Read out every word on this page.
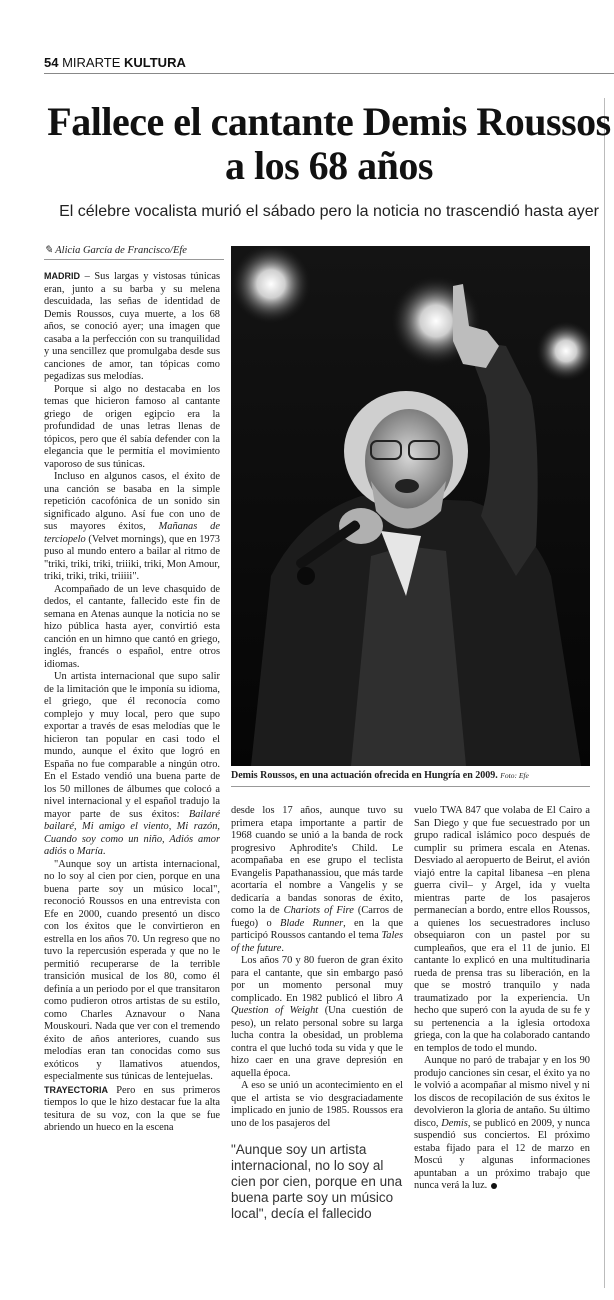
54 MIRARTE KULTURA
Fallece el cantante Demis Roussos a los 68 años
El célebre vocalista murió el sábado pero la noticia no trascendió hasta ayer
✎ Alicia García de Francisco/Efe

MADRID – Sus largas y vistosas túnicas eran, junto a su barba y su melena descuidada, las señas de identidad de Demis Roussos, cuya muerte, a los 68 años, se conoció ayer; una imagen que casaba a la perfección con su tranquilidad y una sencillez que promulgaba desde sus canciones de amor, tan tópicas como pegadizas sus melodías.

Porque si algo no destacaba en los temas que hicieron famoso al cantante griego de origen egipcio era la profundidad de unas letras llenas de tópicos, pero que él sabía defender con la elegancia que le permitía el movimiento vaporoso de sus túnicas.

Incluso en algunos casos, el éxito de una canción se basaba en la simple repetición cacofónica de un sonido sin significado alguno. Así fue con uno de sus mayores éxitos, Mañanas de terciopelo (Velvet mornings), que en 1973 puso al mundo entero a bailar al ritmo de "triki, triki, triki, triiiki, triki, Mon Amour, triki, triki, triki, triiiii".

Acompañado de un leve chasquido de dedos, el cantante, fallecido este fin de semana en Atenas aunque la noticia no se hizo pública hasta ayer, convirtió esta canción en un himno que cantó en griego, inglés, francés o español, entre otros idiomas.

Un artista internacional que supo salir de la limitación que le imponía su idioma, el griego, que él reconocía como complejo y muy local, pero que supo exportar a través de esas melodías que le hicieron tan popular en casi todo el mundo, aunque el éxito que logró en España no fue comparable a ningún otro. En el Estado vendió una buena parte de los 50 millones de álbumes que colocó a nivel internacional y el español tradujo la mayor parte de sus éxitos: Bailaré bailaré, Mi amigo el viento, Mi razón, Cuando soy como un niño, Adiós amor adiós o María.

"Aunque soy un artista internacional, no lo soy al cien por cien, porque en una buena parte soy un músico local", reconoció Roussos en una entrevista con Efe en 2000, cuando presentó un disco con los éxitos que le convirtieron en estrella en los años 70. Un regreso que no tuvo la repercusión esperada y que no le permitió recuperarse de la terrible transición musical de los 80, como él definía a un periodo por el que transitaron como pudieron otros artistas de su estilo, como Charles Aznavour o Nana Mouskouri. Nada que ver con el tremendo éxito de años anteriores, cuando sus melodías eran tan conocidas como sus exóticos y llamativos atuendos, especialmente sus túnicas de lentejuelas.

TRAYECTORIA Pero en sus primeros tiempos lo que le hizo destacar fue la alta tesitura de su voz, con la que se fue abriendo un hueco en la escena

Demis Roussos, en una actuación ofrecida en Hungría en 2009. Foto: Efe

desde los 17 años, aunque tuvo su primera etapa importante a partir de 1968 cuando se unió a la banda de rock progresivo Aphrodite's Child. Le acompañaba en ese grupo el teclista Evangelis Papathanassiou, que más tarde acortaría el nombre a Vangelis y se dedicaría a bandas sonoras de éxito, como la de Chariots of Fire (Carros de fuego) o Blade Runner, en la que participó Roussos cantando el tema Tales of the future.

Los años 70 y 80 fueron de gran éxito para el cantante, que sin embargo pasó por un momento personal muy complicado. En 1982 publicó el libro A Question of Weight (Una cuestión de peso), un relato personal sobre su larga lucha contra la obesidad, un problema contra el que luchó toda su vida y que le hizo caer en una grave depresión en aquella época.

A eso se unió un acontecimiento en el que el artista se vio desgraciadamente implicado en junio de 1985. Roussos era uno de los pasajeros del

"Aunque soy un artista internacional, no lo soy al cien por cien, porque en una buena parte soy un músico local", decía el fallecido

vuelo TWA 847 que volaba de El Cairo a San Diego y que fue secuestrado por un grupo radical islámico poco después de cumplir su primera escala en Atenas. Desviado al aeropuerto de Beirut, el avión viajó entre la capital libanesa –en plena guerra civil– y Argel, ida y vuelta mientras parte de los pasajeros permanecían a bordo, entre ellos Roussos, a quienes los secuestradores incluso obsequiaron con un pastel por su cumpleaños, que era el 11 de junio. El cantante lo explicó en una multitudinaria rueda de prensa tras su liberación, en la que se mostró tranquilo y nada traumatizado por la experiencia. Un hecho que superó con la ayuda de su fe y su pertenencia a la iglesia ortodoxa griega, con la que ha colaborado cantando en templos de todo el mundo.

Aunque no paró de trabajar y en los 90 produjo canciones sin cesar, el éxito ya no le volvió a acompañar al mismo nivel y ni los discos de recopilación de sus éxitos le devolvieron la gloria de antaño. Su último disco, Demis, se publicó en 2009, y nunca suspendió sus conciertos. El próximo estaba fijado para el 12 de marzo en Moscú y algunas informaciones apuntaban a un próximo trabajo que nunca verá la luz.
